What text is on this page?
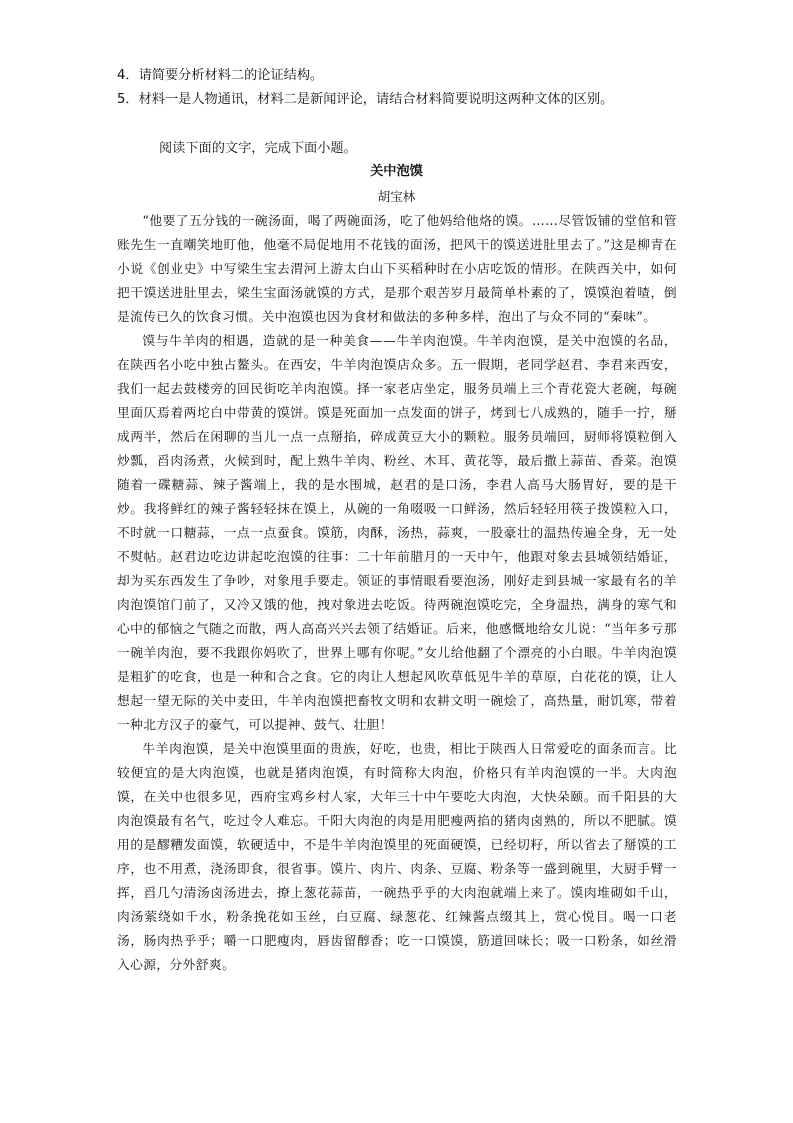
4．请简要分析材料二的论证结构。
5．材料一是人物通讯，材料二是新闻评论，请结合材料简要说明这两种文体的区别。
阅读下面的文字，完成下面小题。
关中泡馍
胡宝林

“他要了五分钱的一碗汤面，喝了两碗面汤，吃了他妈给他烙的馍。……尽管饭铺的堂倌和管账先生一直嘲笑地盯他，他毫不局促地用不花钱的面汤，把风干的馍送进肚里去了。”这是柳青在小说《创业史》中写梁生宝去渭河上游太白山下买稻种时在小店吃饭的情形。在陕西关中，如何把干馍送进肚里去，梁生宝面汤就馍的方式，是那个艰苦岁月最简单朴素的了，馍馍泡着喳，倒是流传已久的饮食习惯。关中泡馍也因为食材和做法的多种多样，泡出了与众不同的“秦味”。

馍与牛羊肉的相遇，造就的是一种美食——牛羊肉泡馍。牛羊肉泡馍，是关中泡馍的名品，在陕西名小吃中独占鳌头。在西安，牛羊肉泡馍店众多。五一假期，老同学赵君、李君来西安，我们一起去鼓楼旁的回民街吃羊肉泡馍。择一家老店坐定，服务员端上三个青花瓷大老碗，每碗里面仄焉着两坨白中带黄的馍饼。馍是死面加一点发面的饼子，烤到七八成熟的，随手一拧，掰成两半，然后在闲聊的当儿一点一点掰掐，碎成黄豆大小的颗粒。服务员端回，厨师将馍粒倒入炒瓢，舀肉汤煮，火候到时，配上熟牛羊肉、粉丝、木耳、黄花等，最后撒上蒜苗、香菜。泡馍随着一碟糖蒜、辣子酱端上，我的是水围城，赵君的是口汤，李君人高马大肠胃好，要的是干炒。我将鲜红的辣子酱轻轻抹在馍上，从碗的一角啜吸一口鲜汤，然后轻轻用筷子拨馍粒入口，不时就一口糖蒜，一点一点蚕食。馍筋，肉酥，汤热，蒜爽，一股豪壮的温热传遍全身，无一处不熨帖。赵君边吃边讲起吃泡馍的往事：二十年前腊月的一天中午，他跟对象去县城领结婚证，却为买东西发生了争吵，对象甩手要走。领证的事情眼看要泡汤，刚好走到县城一家最有名的羊肉泡馍馆门前了，又冷又饿的他，拽对象进去吃饭。待两碗泡馍吃完，全身温热，满身的寒气和心中的郁恼之气随之而散，两人高高兴兴去领了结婚证。后来，他感慨地给女儿说：“当年多亏那一碗羊肉泡，要不我跟你妈吹了，世界上哪有你呢。”女儿给他翻了个漂亮的小白眼。牛羊肉泡馍是粗犷的吃食，也是一种和合之食。它的肉让人想起风吹草低见牛羊的草原，白花花的馍，让人想起一望无际的关中麦田，牛羊肉泡馍把畜牧文明和农耕文明一碗烩了，高热量，耐饥寒，带着一种北方汉子的豪气，可以提神、鼓气、壮胆！

牛羊肉泡馍，是关中泡馍里面的贵族，好吃，也贵，相比于陕西人日常爱吃的面条而言。比较便宜的是大肉泡馍，也就是猪肉泡馍，有时简称大肉泡，价格只有羊肉泡馍的一半。大肉泡馍，在关中也很多见，西府宝鸡乡村人家，大年三十中午要吃大肉泡，大快朵颐。而千阳县的大肉泡馍最有名气，吃过令人难忘。千阳大肉泡的肉是用肥瘦两掐的猪肉卤熟的，所以不肥腻。馍用的是醪糟发面馍，软硬适中，不是牛羊肉泡馍里的死面硬馍，已经切籽，所以省去了掰馍的工序，也不用煮，浇汤即食，很省事。馍片、肉片、肉条、豆腐、粉条等一盛到碗里，大厨手臂一挥，舀几勺清汤卤汤进去，撩上葱花蒜苗，一碗热乎乎的大肉泡就端上来了。馍肉堆砌如千山，肉汤萦绕如千水，粉条挽花如玉丝，白豆腐、绿葱花、红辣酱点缀其上，赏心悦目。喝一口老汤，肠肉热乎乎；嚼一口肥瘦肉，唇齿留醇香；吃一口馍馍，筋道回味长；吸一口粉条，如丝滑入心源，分外舒爽。
